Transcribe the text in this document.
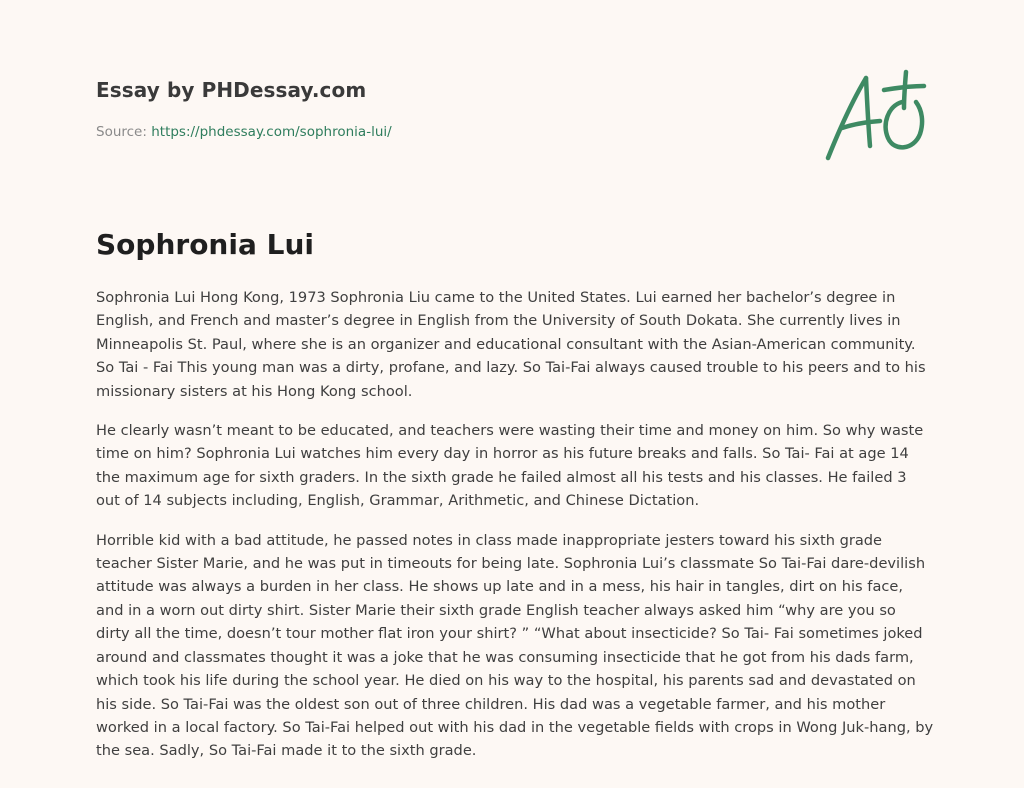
Essay by PHDessay.com
Source: https://phdessay.com/sophronia-lui/
Sophronia Lui

Sophronia Lui Hong Kong, 1973 Sophronia Liu came to the United States. Lui earned her bachelor’s degree in English, and French and master’s degree in English from the University of South Dokata. She currently lives in Minneapolis St. Paul, where she is an organizer and educational consultant with the Asian-American community. So Tai - Fai This young man was a dirty, profane, and lazy. So Tai-Fai always caused trouble to his peers and to his missionary sisters at his Hong Kong school.

He clearly wasn’t meant to be educated, and teachers were wasting their time and money on him. So why waste time on him? Sophronia Lui watches him every day in horror as his future breaks and falls. So Tai- Fai at age 14 the maximum age for sixth graders. In the sixth grade he failed almost all his tests and his classes. He failed 3 out of 14 subjects including, English, Grammar, Arithmetic, and Chinese Dictation.

Horrible kid with a bad attitude, he passed notes in class made inappropriate jesters toward his sixth grade teacher Sister Marie, and he was put in timeouts for being late. Sophronia Lui’s classmate So Tai-Fai dare-devilish attitude was always a burden in her class. He shows up late and in a mess, his hair in tangles, dirt on his face, and in a worn out dirty shirt. Sister Marie their sixth grade English teacher always asked him “why are you so dirty all the time, doesn’t tour mother flat iron your shirt? ” “What about insecticide? So Tai- Fai sometimes joked around and classmates thought it was a joke that he was consuming insecticide that he got from his dads farm, which took his life during the school year. He died on his way to the hospital, his parents sad and devastated on his side. So Tai-Fai was the oldest son out of three children. His dad was a vegetable farmer, and his mother worked in a local factory. So Tai-Fai helped out with his dad in the vegetable fields with crops in Wong Juk-hang, by the sea. Sadly, So Tai-Fai made it to the sixth grade.
